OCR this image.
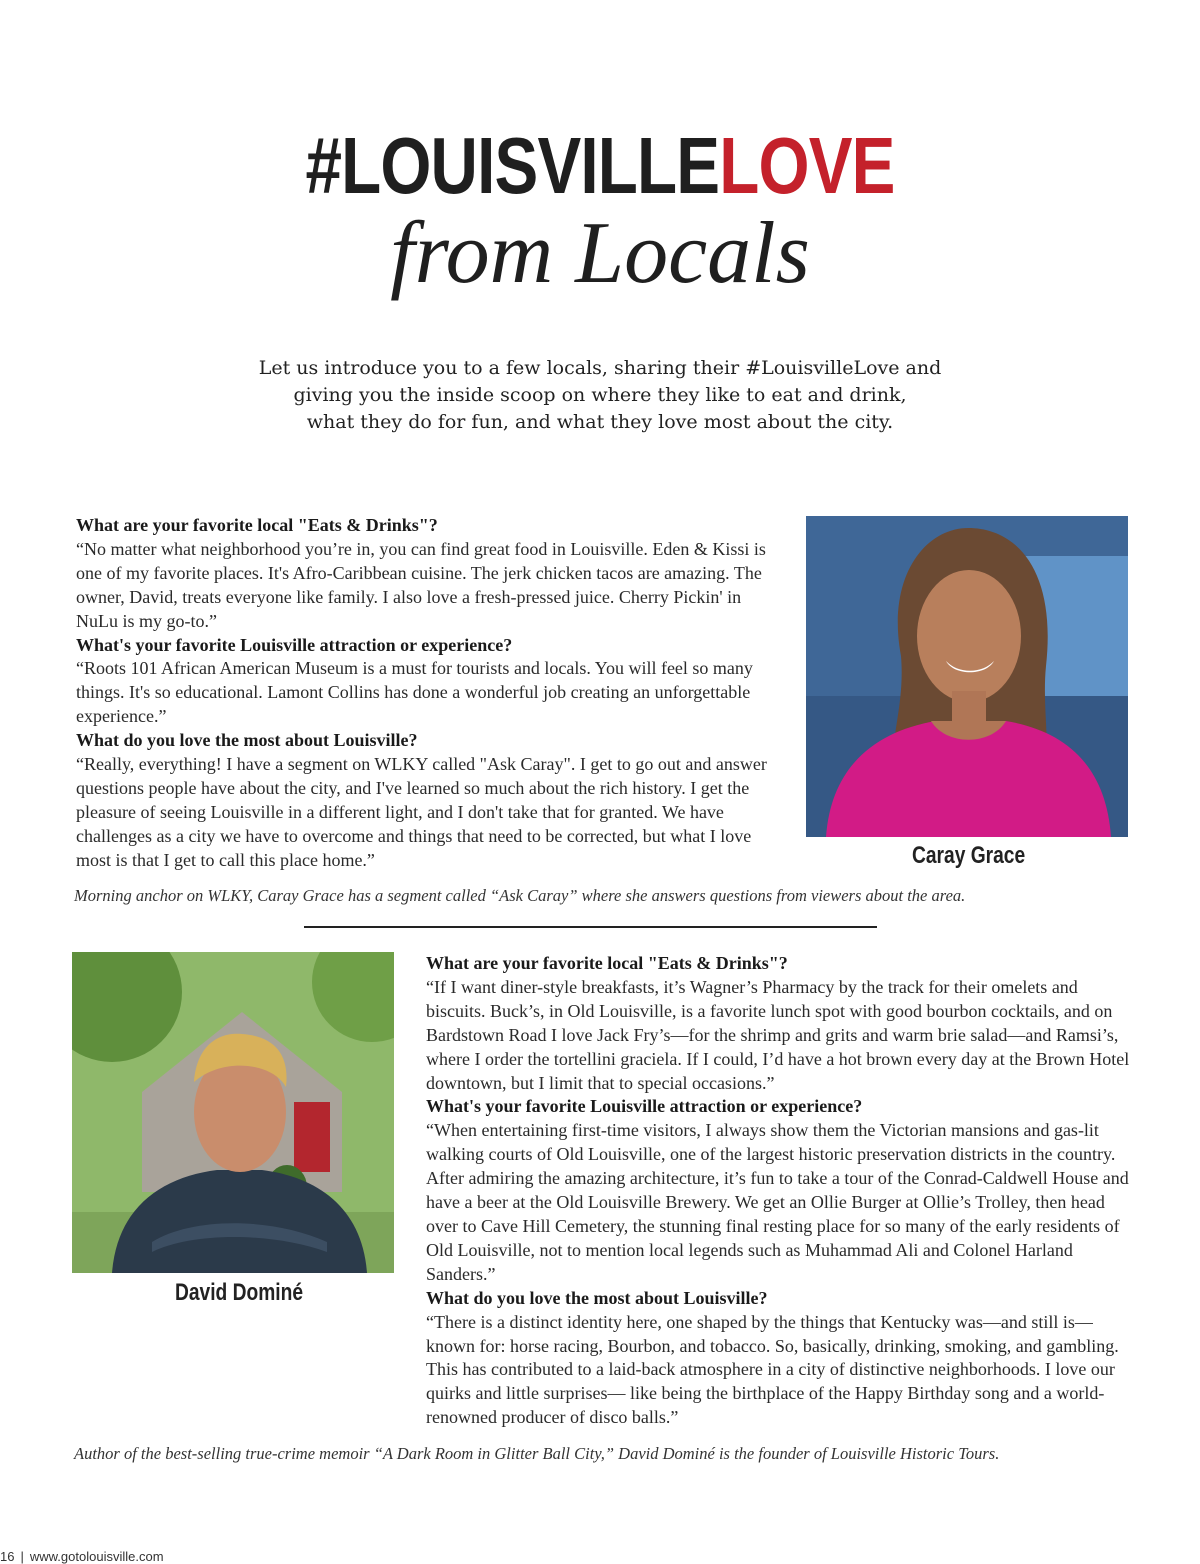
#LOUISVILLELOVE
from Locals

Let us introduce you to a few locals, sharing their #LouisvilleLove and

giving you the inside scoop on where they like to eat and drink,

what they do for fun, and what they love most about the city.

What are your favorite local "Eats & Drinks"?

“No matter what neighborhood you’re in, you can find great food in Louisville. Eden & Kissi is one of my favorite places. It's Afro-Caribbean cuisine. The jerk chicken tacos are amazing. The owner, David, treats everyone like family. I also love a fresh-pressed juice. Cherry Pickin' in NuLu is my go-to.”

What's your favorite Louisville attraction or experience?

“Roots 101 African American Museum is a must for tourists and locals. You will feel so many things. It's so educational. Lamont Collins has done a wonderful job creating an unforgettable experience.”

What do you love the most about Louisville?

“Really, everything! I have a segment on WLKY called "Ask Caray". I get to go out and answer questions people have about the city, and I've learned so much about the rich history. I get the pleasure of seeing Louisville in a different light, and I don't take that for granted. We have challenges as a city we have to overcome and things that need to be corrected, but what I love most is that I get to call this place home.”	Caray Grace
Morning anchor on WLKY, Caray Grace has a segment called “Ask Caray” where she answers questions from viewers about the area.
David Dominé

What are your favorite local "Eats & Drinks"?

“If I want diner-style breakfasts, it’s Wagner’s Pharmacy by the track for their omelets and biscuits. Buck’s, in Old Louisville, is a favorite lunch spot with good bourbon cocktails, and on Bardstown Road I love Jack Fry’s—for the shrimp and grits and warm brie salad—and Ramsi’s, where I order the tortellini graciela. If I could, I’d have a hot brown every day at the Brown Hotel downtown, but I limit that to special occasions.”

What's your favorite Louisville attraction or experience?

“When entertaining first-time visitors, I always show them the Victorian mansions and gas-lit walking courts of Old Louisville, one of the largest historic preservation districts in the country. After admiring the amazing architecture, it’s fun to take a tour of the Conrad-Caldwell House and have a beer at the Old Louisville Brewery. We get an Ollie Burger at Ollie’s Trolley, then head over to Cave Hill Cemetery, the stunning final resting place for so many of the early residents of Old Louisville, not to mention local legends such as Muhammad Ali and Colonel Harland Sanders.”

What do you love the most about Louisville?

“There is a distinct identity here, one shaped by the things that Kentucky was—and still is—known for: horse racing, Bourbon, and tobacco. So, basically, drinking, smoking, and gambling. This has contributed to a laid-back atmosphere in a city of distinctive neighborhoods. I love our quirks and little surprises— like being the birthplace of the Happy Birthday song and a world-renowned producer of disco balls.”

Author of the best-selling true-crime memoir “A Dark Room in Glitter Ball City,” David Dominé is the founder of Louisville Historic Tours.
16 | www.gotolouisville.com
